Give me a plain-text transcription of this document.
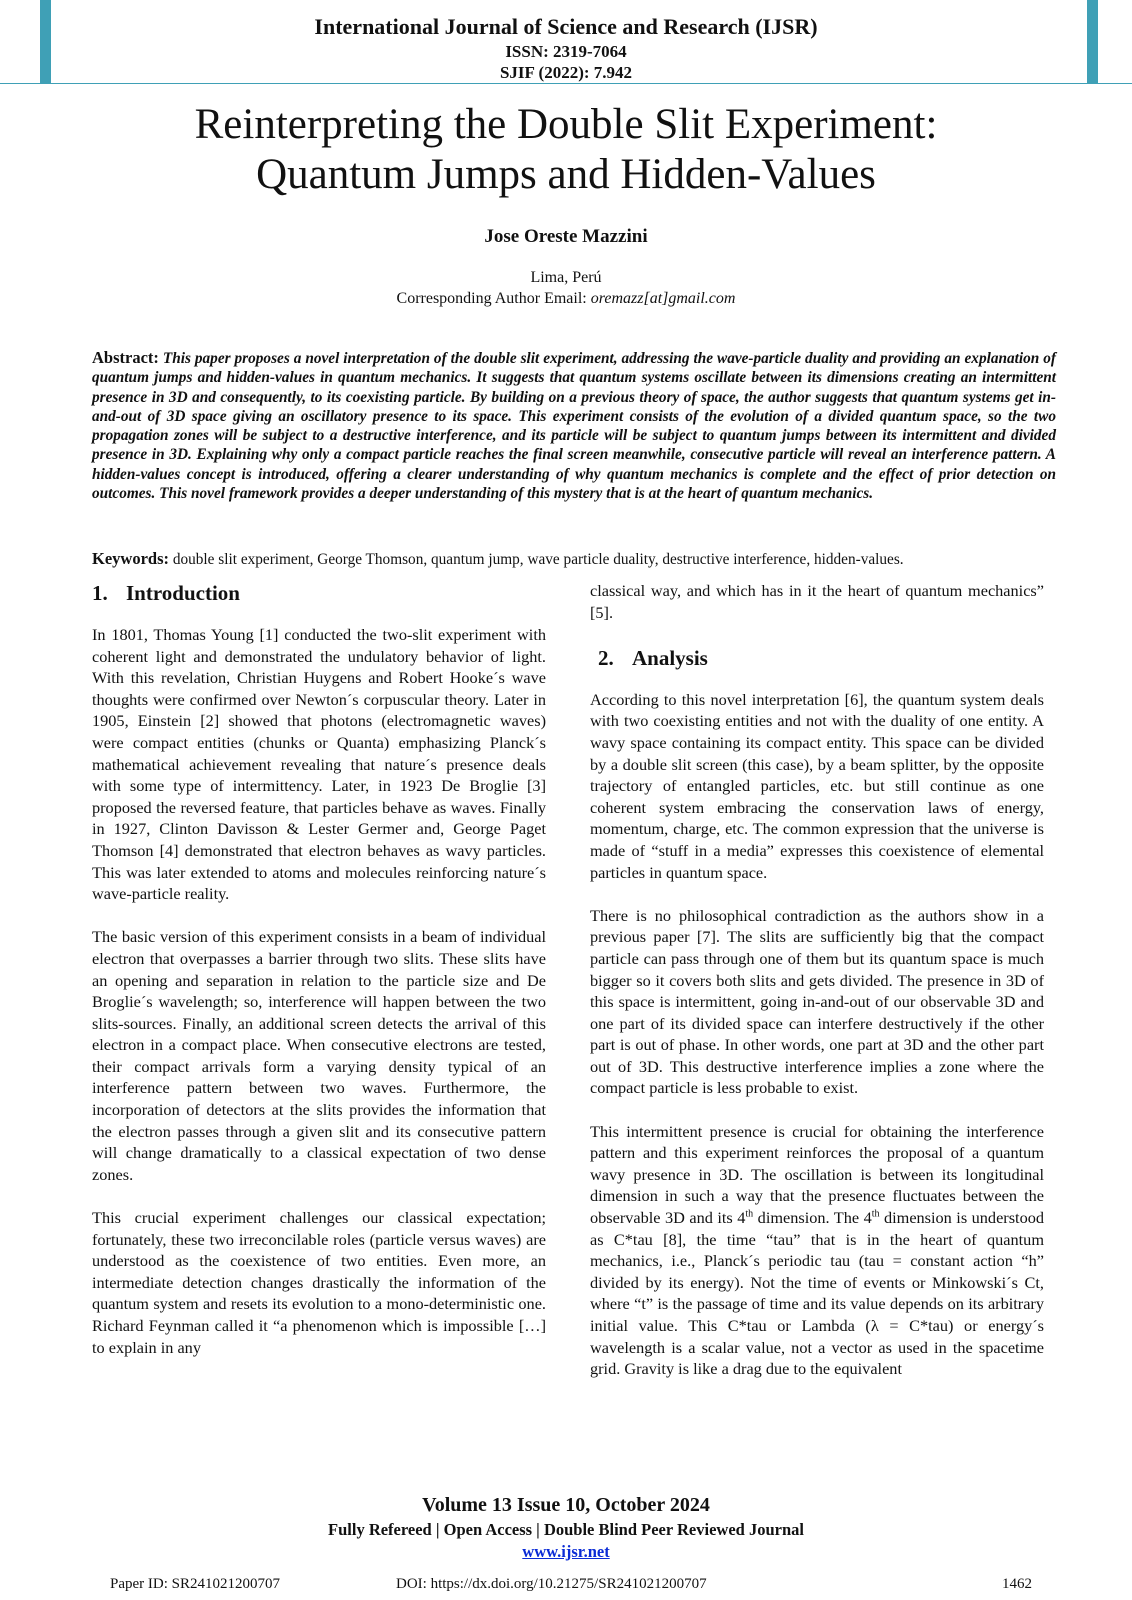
International Journal of Science and Research (IJSR)
ISSN: 2319-7064
SJIF (2022): 7.942
Reinterpreting the Double Slit Experiment:
Quantum Jumps and Hidden-Values
Jose Oreste Mazzini
Lima, Perú
Corresponding Author Email: oremazz[at]gmail.com
Abstract: This paper proposes a novel interpretation of the double slit experiment, addressing the wave-particle duality and providing an explanation of quantum jumps and hidden-values in quantum mechanics. It suggests that quantum systems oscillate between its dimensions creating an intermittent presence in 3D and consequently, to its coexisting particle. By building on a previous theory of space, the author suggests that quantum systems get in-and-out of 3D space giving an oscillatory presence to its space. This experiment consists of the evolution of a divided quantum space, so the two propagation zones will be subject to a destructive interference, and its particle will be subject to quantum jumps between its intermittent and divided presence in 3D. Explaining why only a compact particle reaches the final screen meanwhile, consecutive particle will reveal an interference pattern. A hidden-values concept is introduced, offering a clearer understanding of why quantum mechanics is complete and the effect of prior detection on outcomes. This novel framework provides a deeper understanding of this mystery that is at the heart of quantum mechanics.
Keywords: double slit experiment, George Thomson, quantum jump, wave particle duality, destructive interference, hidden-values.
1. Introduction

In 1801, Thomas Young [1] conducted the two-slit experiment with coherent light and demonstrated the undulatory behavior of light. With this revelation, Christian Huygens and Robert Hooke´s wave thoughts were confirmed over Newton´s corpuscular theory. Later in 1905, Einstein [2] showed that photons (electromagnetic waves) were compact entities (chunks or Quanta) emphasizing Planck´s mathematical achievement revealing that nature´s presence deals with some type of intermittency. Later, in 1923 De Broglie [3] proposed the reversed feature, that particles behave as waves. Finally in 1927, Clinton Davisson & Lester Germer and, George Paget Thomson [4] demonstrated that electron behaves as wavy particles. This was later extended to atoms and molecules reinforcing nature´s wave-particle reality.

The basic version of this experiment consists in a beam of individual electron that overpasses a barrier through two slits. These slits have an opening and separation in relation to the particle size and De Broglie´s wavelength; so, interference will happen between the two slits-sources. Finally, an additional screen detects the arrival of this electron in a compact place. When consecutive electrons are tested, their compact arrivals form a varying density typical of an interference pattern between two waves. Furthermore, the incorporation of detectors at the slits provides the information that the electron passes through a given slit and its consecutive pattern will change dramatically to a classical expectation of two dense zones.

This crucial experiment challenges our classical expectation; fortunately, these two irreconcilable roles (particle versus waves) are understood as the coexistence of two entities. Even more, an intermediate detection changes drastically the information of the quantum system and resets its evolution to a mono-deterministic one. Richard Feynman called it “a phenomenon which is impossible […] to explain in any

classical way, and which has in it the heart of quantum mechanics” [5].

2. Analysis

According to this novel interpretation [6], the quantum system deals with two coexisting entities and not with the duality of one entity. A wavy space containing its compact entity. This space can be divided by a double slit screen (this case), by a beam splitter, by the opposite trajectory of entangled particles, etc. but still continue as one coherent system embracing the conservation laws of energy, momentum, charge, etc. The common expression that the universe is made of “stuff in a media” expresses this coexistence of elemental particles in quantum space.

There is no philosophical contradiction as the authors show in a previous paper [7]. The slits are sufficiently big that the compact particle can pass through one of them but its quantum space is much bigger so it covers both slits and gets divided. The presence in 3D of this space is intermittent, going in-and-out of our observable 3D and one part of its divided space can interfere destructively if the other part is out of phase. In other words, one part at 3D and the other part out of 3D. This destructive interference implies a zone where the compact particle is less probable to exist.

This intermittent presence is crucial for obtaining the interference pattern and this experiment reinforces the proposal of a quantum wavy presence in 3D. The oscillation is between its longitudinal dimension in such a way that the presence fluctuates between the observable 3D and its 4th dimension. The 4th dimension is understood as C*tau [8], the time “tau” that is in the heart of quantum mechanics, i.e., Planck´s periodic tau (tau = constant action “h” divided by its energy). Not the time of events or Minkowski´s Ct, where “t” is the passage of time and its value depends on its arbitrary initial value. This C*tau or Lambda (λ = C*tau) or energy´s wavelength is a scalar value, not a vector as used in the spacetime grid. Gravity is like a drag due to the equivalent

Volume 13 Issue 10, October 2024
Fully Refereed | Open Access | Double Blind Peer Reviewed Journal
www.ijsr.net
Paper ID: SR241021200707	DOI: https://dx.doi.org/10.21275/SR241021200707	1462
